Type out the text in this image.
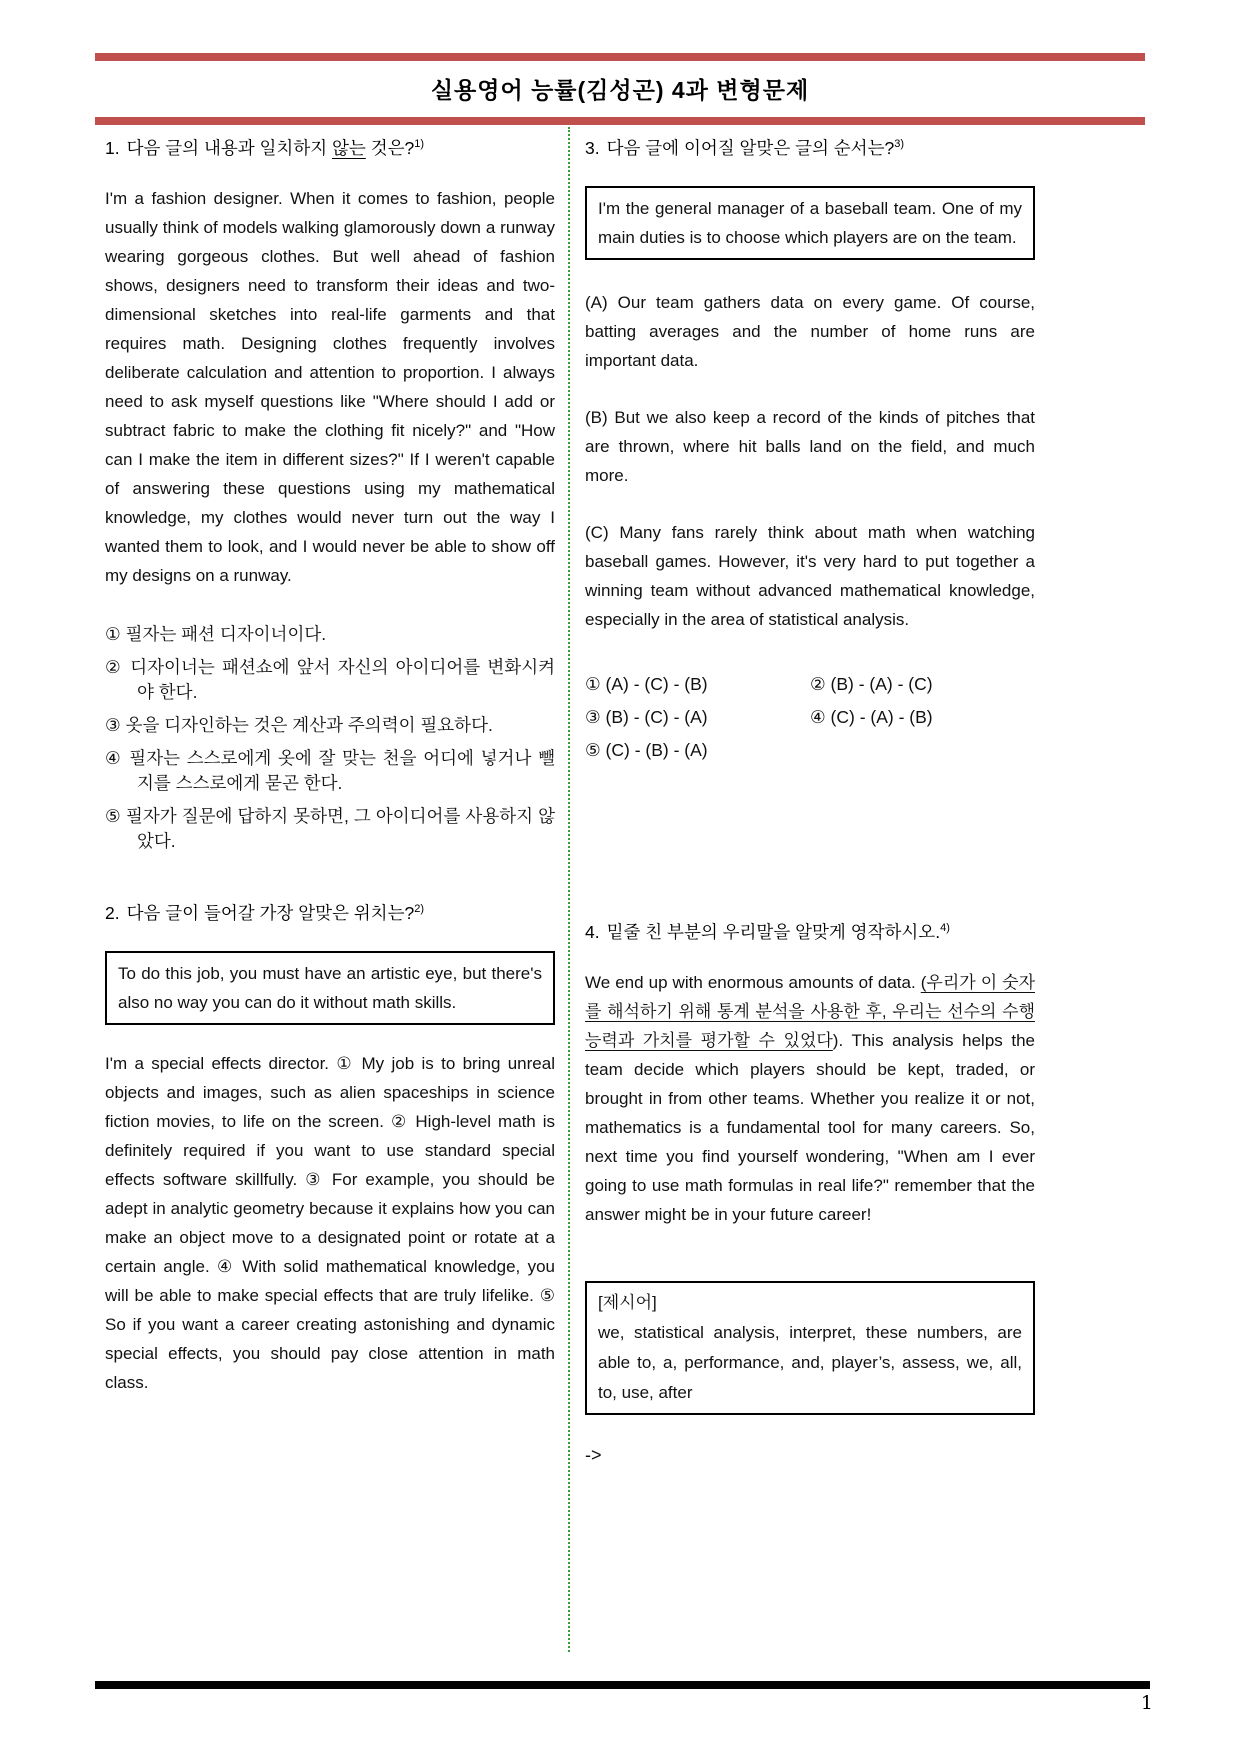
실용영어 능률(김성곤) 4과 변형문제
1. 다음 글의 내용과 일치하지 않는 것은?$^{1)}$

I'm a fashion designer. When it comes to fashion, people usually think of models walking glamorously down a runway wearing gorgeous clothes. But well ahead of fashion shows, designers need to transform their ideas and two-dimensional sketches into real-life garments and that requires math. Designing clothes frequently involves deliberate calculation and attention to proportion. I always need to ask myself questions like "Where should I add or subtract fabric to make the clothing fit nicely?" and "How can I make the item in different sizes?" If I weren't capable of answering these questions using my mathematical knowledge, my clothes would never turn out the way I wanted them to look, and I would never be able to show off my designs on a runway.

① 필자는 패션 디자이너이다.
② 디자이너는 패션쇼에 앞서 자신의 아이디어를 변화시켜야 한다.
③ 옷을 디자인하는 것은 계산과 주의력이 필요하다.
④ 필자는 스스로에게 옷에 잘 맞는 천을 어디에 넣거나 뺄 지를 스스로에게 묻곤 한다.
⑤ 필자가 질문에 답하지 못하면, 그 아이디어를 사용하지 않았다.
2. 다음 글이 들어갈 가장 알맞은 위치는?$^{2)}$
To do this job, you must have an artistic eye, but there's also no way you can do it without math skills.

I'm a special effects director. ① My job is to bring unreal objects and images, such as alien spaceships in science fiction movies, to life on the screen. ② High-level math is definitely required if you want to use standard special effects software skillfully. ③ For example, you should be adept in analytic geometry because it explains how you can make an object move to a designated point or rotate at a certain angle. ④ With solid mathematical knowledge, you will be able to make special effects that are truly lifelike. ⑤ So if you want a career creating astonishing and dynamic special effects, you should pay close attention in math class.

3. 다음 글에 이어질 알맞은 글의 순서는?$^{3)}$
I'm the general manager of a baseball team. One of my main duties is to choose which players are on the team.

(A) Our team gathers data on every game. Of course, batting averages and the number of home runs are important data.

(B) But we also keep a record of the kinds of pitches that are thrown, where hit balls land on the field, and much more.

(C) Many fans rarely think about math when watching baseball games. However, it's very hard to put together a winning team without advanced mathematical knowledge, especially in the area of statistical analysis.

① (A) - (C) - (B)	② (B) - (A) - (C)
③ (B) - (C) - (A)	④ (C) - (A) - (B)
⑤ (C) - (B) - (A)
4. 밑줄 친 부분의 우리말을 알맞게 영작하시오.$^{4)}$

We end up with enormous amounts of data. (우리가 이 숫자를 해석하기 위해 통계 분석을 사용한 후, 우리는 선수의 수행능력과 가치를 평가할 수 있었다). This analysis helps the team decide which players should be kept, traded, or brought in from other teams. Whether you realize it or not, mathematics is a fundamental tool for many careers. So, next time you find yourself wondering, "When am I ever going to use math formulas in real life?" remember that the answer might be in your future career!

[제시어]
we, statistical analysis, interpret, these numbers, are able to, a, performance, and, player’s, assess, we, all, to, use, after
->
1
